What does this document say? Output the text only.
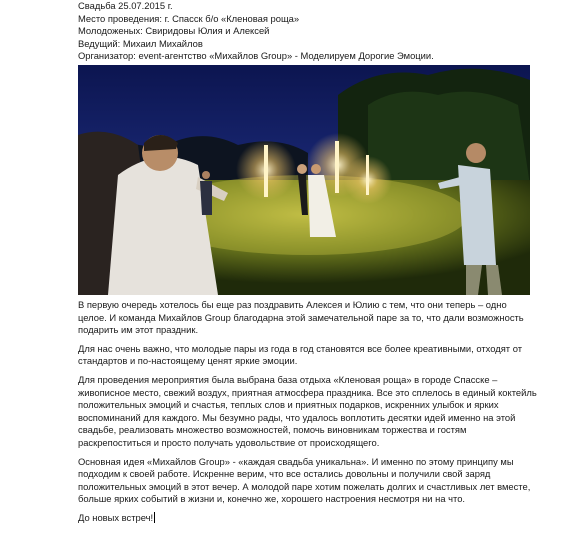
Свадьба 25.07.2015 г.
Место проведения: г. Спасск б/о «Кленовая роща»
Молодоженых: Свиридовы Юлия и Алексей
Ведущий: Михаил Михайлов
Организатор: event-агентство «Михайлов Group» - Моделируем Дорогие Эмоции.

В первую очередь хотелось бы еще раз поздравить Алексея и Юлию с тем, что они теперь – одно целое. И команда Михайлов Group благодарна этой замечательной паре за то, что дали возможность подарить им этот праздник.

Для нас очень важно, что молодые пары из года в год становятся все более креативными, отходят от стандартов и по-настоящему ценят яркие эмоции.

Для проведения мероприятия была выбрана база отдыха «Кленовая роща» в городе Спасске – живописное место, свежий воздух, приятная атмосфера праздника. Все это сплелось в единый коктейль положительных эмоций и счастья, теплых слов и приятных подарков, искренних улыбок и ярких воспоминаний для каждого. Мы безумно рады, что удалось воплотить десятки идей именно на этой свадьбе, реализовать множество возможностей, помочь виновникам торжества и гостям раскрепоститься и просто получать удовольствие от происходящего.

Основная идея «Михайлов Group» - «каждая свадьба уникальна». И именно по этому принципу мы подходим к своей работе. Искренне верим, что все остались довольны и получили свой заряд положительных эмоций в этот вечер. А молодой паре хотим пожелать долгих и счастливых лет вместе, больше ярких событий в жизни и, конечно же, хорошего настроения несмотря ни на что.

До новых встреч!
